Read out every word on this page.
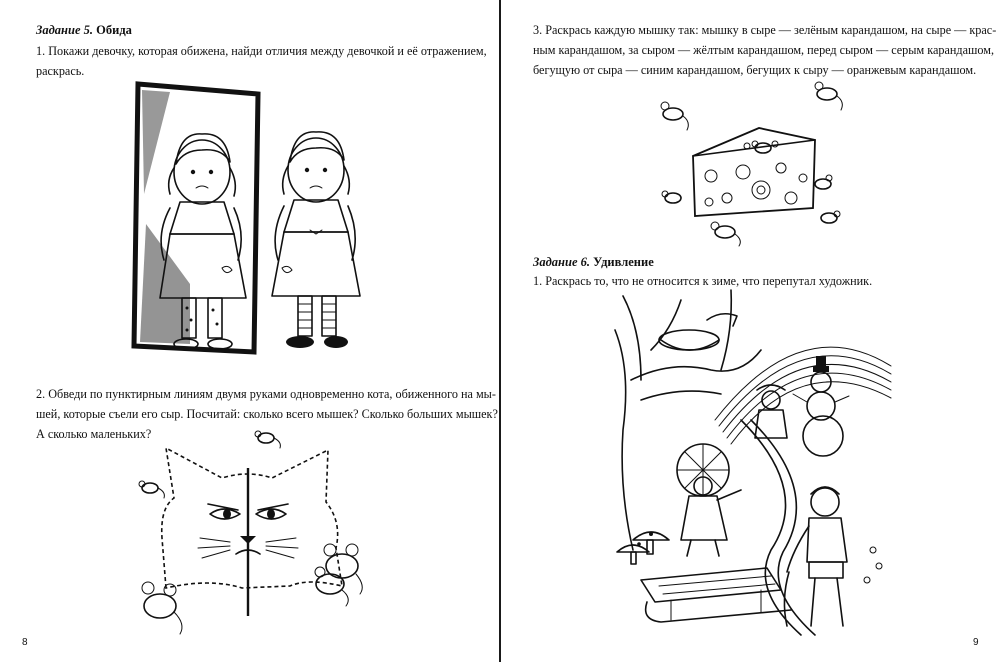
Задание 5. Обида
1. Покажи девочку, которая обижена, найди отличия между девочкой и её отражением,
раскрась.
2. Обведи по пунктирным линиям двумя руками одновременно кота, обиженного на мы-
шей, которые съели его сыр. Посчитай: сколько всего мышек? Сколько больших мышек?
А сколько маленьких?
8
3. Раскрась каждую мышку так: мышку в сыре — зелёным карандашом, на сыре — крас-
ным карандашом, за сыром — жёлтым карандашом, перед сыром — серым карандашом,
бегущую от сыра — синим карандашом, бегущих к сыру — оранжевым карандашом.
Задание 6. Удивление
1. Раскрась то, что не относится к зиме, что перепутал художник.
9
